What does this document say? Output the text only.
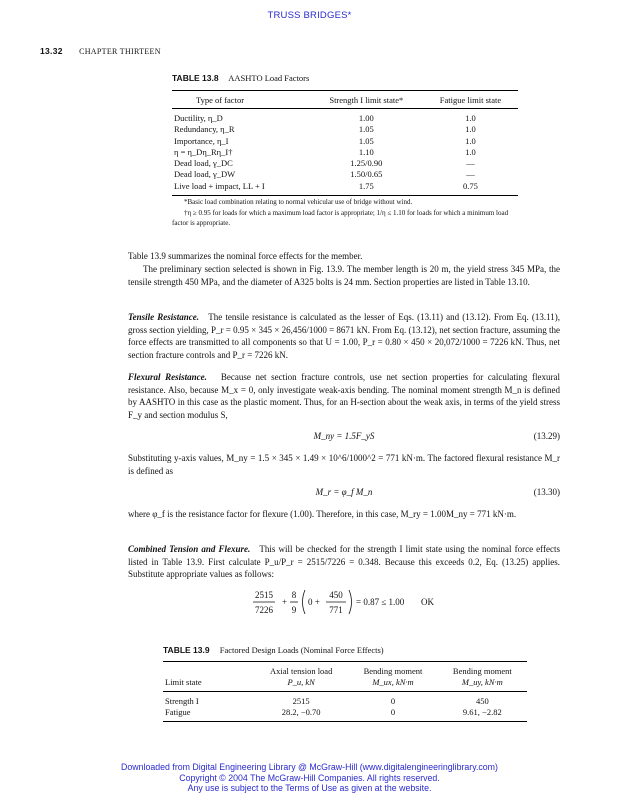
TRUSS BRIDGES*
13.32 CHAPTER THIRTEEN
TABLE 13.8 AASHTO Load Factors
Type of factor	Strength I limit state*	Fatigue limit state
Ductility, η_D	1.00	1.0
Redundancy, η_R	1.05	1.0
Importance, η_I	1.05	1.0
η = η_Dη_Rη_I†	1.10	1.0
Dead load, γ_DC	1.25/0.90	—
Dead load, γ_DW	1.50/0.65	—
Live load + impact, LL + I	1.75	0.75
*Basic load combination relating to normal vehicular use of bridge without wind.
†η ≥ 0.95 for loads for which a maximum load factor is appropriate; 1/η ≤ 1.10 for loads for which a minimum load factor is appropriate.
Table 13.9 summarizes the nominal force effects for the member.
The preliminary section selected is shown in Fig. 13.9. The member length is 20 m, the yield stress 345 MPa, the tensile strength 450 MPa, and the diameter of A325 bolts is 24 mm. Section properties are listed in Table 13.10.
Tensile Resistance. The tensile resistance is calculated as the lesser of Eqs. (13.11) and (13.12). From Eq. (13.11), gross section yielding, P_r = 0.95 × 345 × 26,456/1000 = 8671 kN. From Eq. (13.12), net section fracture, assuming the force effects are transmitted to all components so that U = 1.00, P_r = 0.80 × 450 × 20,072/1000 = 7226 kN. Thus, net section fracture controls and P_r = 7226 kN.
Flexural Resistance. Because net section fracture controls, use net section properties for calculating flexural resistance. Also, because M_x = 0, only investigate weak-axis bending. The nominal moment strength M_n is defined by AASHTO in this case as the plastic moment. Thus, for an H-section about the weak axis, in terms of the yield stress F_y and section modulus S,
M_ny = 1.5F_yS	(13.29)
Substituting y-axis values, M_ny = 1.5 × 345 × 1.49 × 10^6/1000^2 = 771 kN·m. The factored flexural resistance M_r is defined as
M_r = φ_f M_n	(13.30)
where φ_f is the resistance factor for flexure (1.00). Therefore, in this case, M_ry = 1.00M_ny = 771 kN·m.
Combined Tension and Flexure. This will be checked for the strength I limit state using the nominal force effects listed in Table 13.9. First calculate P_u/P_r = 2515/7226 = 0.348. Because this exceeds 0.2, Eq. (13.25) applies. Substitute appropriate values as follows:
2515
7226
+
8
9
0 +
450
771
= 0.87 ≤ 1.00 OK
TABLE 13.9 Factored Design Loads (Nominal Force Effects)
	Axial tension load	Bending moment	Bending moment
Limit state	P_u, kN	M_ux, kN·m	M_uy, kN·m
Strength I	2515	0	450
Fatigue	28.2, −0.70	0	9.61, −2.82
Downloaded from Digital Engineering Library @ McGraw-Hill (www.digitalengineeringlibrary.com)
Copyright © 2004 The McGraw-Hill Companies. All rights reserved.
Any use is subject to the Terms of Use as given at the website.
